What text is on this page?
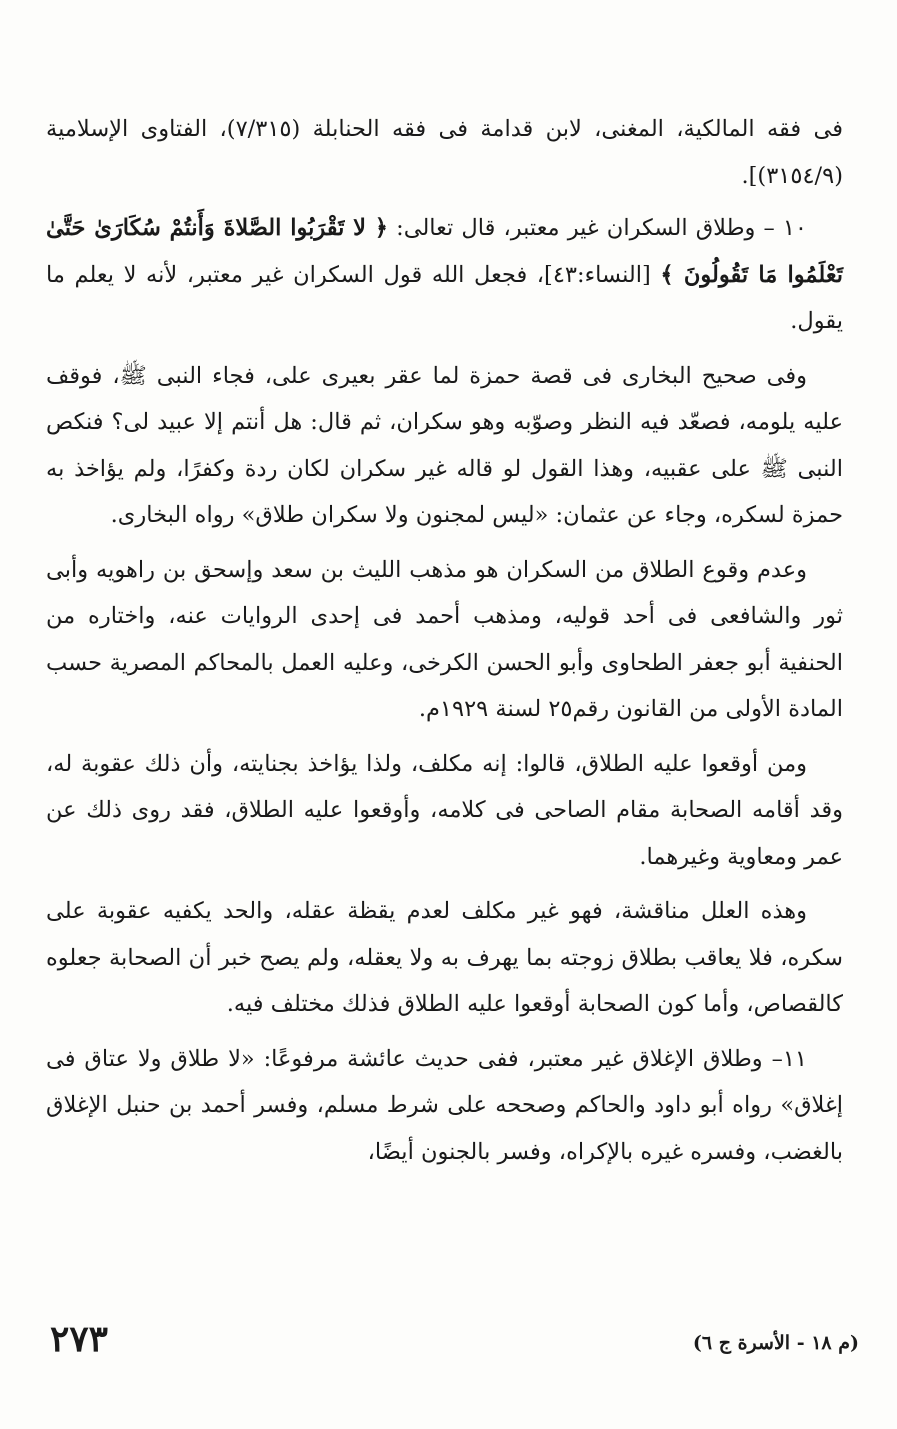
فى فقه المالكية، المغنى، لابن قدامة فى فقه الحنابلة (٧/٣١٥)، الفتاوى الإسلامية (٣١٥٤/٩)].

١٠ – وطلاق السكران غير معتبر، قال تعالى: ﴿ لا تَقْرَبُوا الصَّلاةَ وَأَنتُمْ سُكَارَىٰ حَتَّىٰ تَعْلَمُوا مَا تَقُولُونَ ﴾ [النساء:٤٣]، فجعل الله قول السكران غير معتبر، لأنه لا يعلم ما يقول.

وفى صحيح البخارى فى قصة حمزة لما عقر بعيرى على، فجاء النبى ﷺ، فوقف عليه يلومه، فصعّد فيه النظر وصوّبه وهو سكران، ثم قال: هل أنتم إلا عبيد لى؟ فنكص النبى ﷺ على عقبيه، وهذا القول لو قاله غير سكران لكان ردة وكفرًا، ولم يؤاخذ به حمزة لسكره، وجاء عن عثمان: «ليس لمجنون ولا سكران طلاق» رواه البخارى.

وعدم وقوع الطلاق من السكران هو مذهب الليث بن سعد وإسحق بن راهويه وأبى ثور والشافعى فى أحد قوليه، ومذهب أحمد فى إحدى الروايات عنه، واختاره من الحنفية أبو جعفر الطحاوى وأبو الحسن الكرخى، وعليه العمل بالمحاكم المصرية حسب المادة الأولى من القانون رقم٢٥ لسنة ١٩٢٩م.

ومن أوقعوا عليه الطلاق، قالوا: إنه مكلف، ولذا يؤاخذ بجنايته، وأن ذلك عقوبة له، وقد أقامه الصحابة مقام الصاحى فى كلامه، وأوقعوا عليه الطلاق، فقد روى ذلك عن عمر ومعاوية وغيرهما.

وهذه العلل مناقشة، فهو غير مكلف لعدم يقظة عقله، والحد يكفيه عقوبة على سكره، فلا يعاقب بطلاق زوجته بما يهرف به ولا يعقله، ولم يصح خبر أن الصحابة جعلوه كالقصاص، وأما كون الصحابة أوقعوا عليه الطلاق فذلك مختلف فيه.

١١– وطلاق الإغلاق غير معتبر، ففى حديث عائشة مرفوعًا: «لا طلاق ولا عتاق فى إغلاق» رواه أبو داود والحاكم وصححه على شرط مسلم، وفسر أحمد بن حنبل الإغلاق بالغضب، وفسره غيره بالإكراه، وفسر بالجنون أيضًا،

(م ١٨ - الأسرة ج ٦)
٢٧٣
